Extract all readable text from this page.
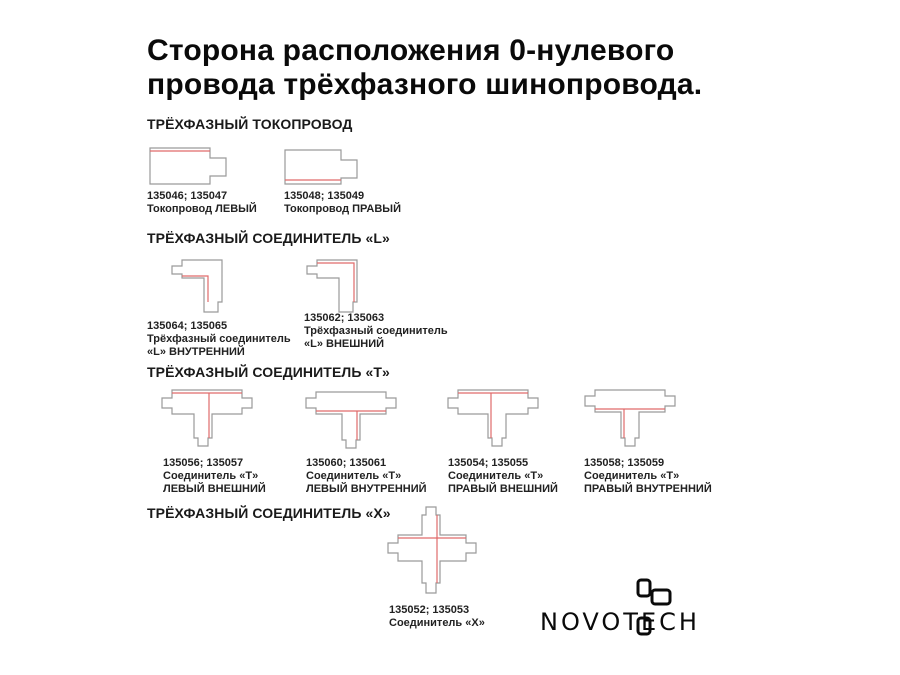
Сторона расположения 0-нулевого
провода трёхфазного шинопровода.
ТРЁХФАЗНЫЙ ТОКОПРОВОД
135046; 135047
Токопровод ЛЕВЫЙ
135048; 135049
Токопровод ПРАВЫЙ
ТРЁХФАЗНЫЙ СОЕДИНИТЕЛЬ «L»
135064; 135065
Трёхфазный соединитель
«L» ВНУТРЕННИЙ
135062; 135063
Трёхфазный соединитель
«L» ВНЕШНИЙ
ТРЁХФАЗНЫЙ СОЕДИНИТЕЛЬ «Т»
135056; 135057
Соединитель «Т»
ЛЕВЫЙ ВНЕШНИЙ
135060; 135061
Соединитель «Т»
ЛЕВЫЙ ВНУТРЕННИЙ
135054; 135055
Соединитель «Т»
ПРАВЫЙ ВНЕШНИЙ
135058; 135059
Соединитель «Т»
ПРАВЫЙ ВНУТРЕННИЙ
ТРЁХФАЗНЫЙ СОЕДИНИТЕЛЬ «Х»
135052; 135053
Соединитель «Х» NOVOTECH
